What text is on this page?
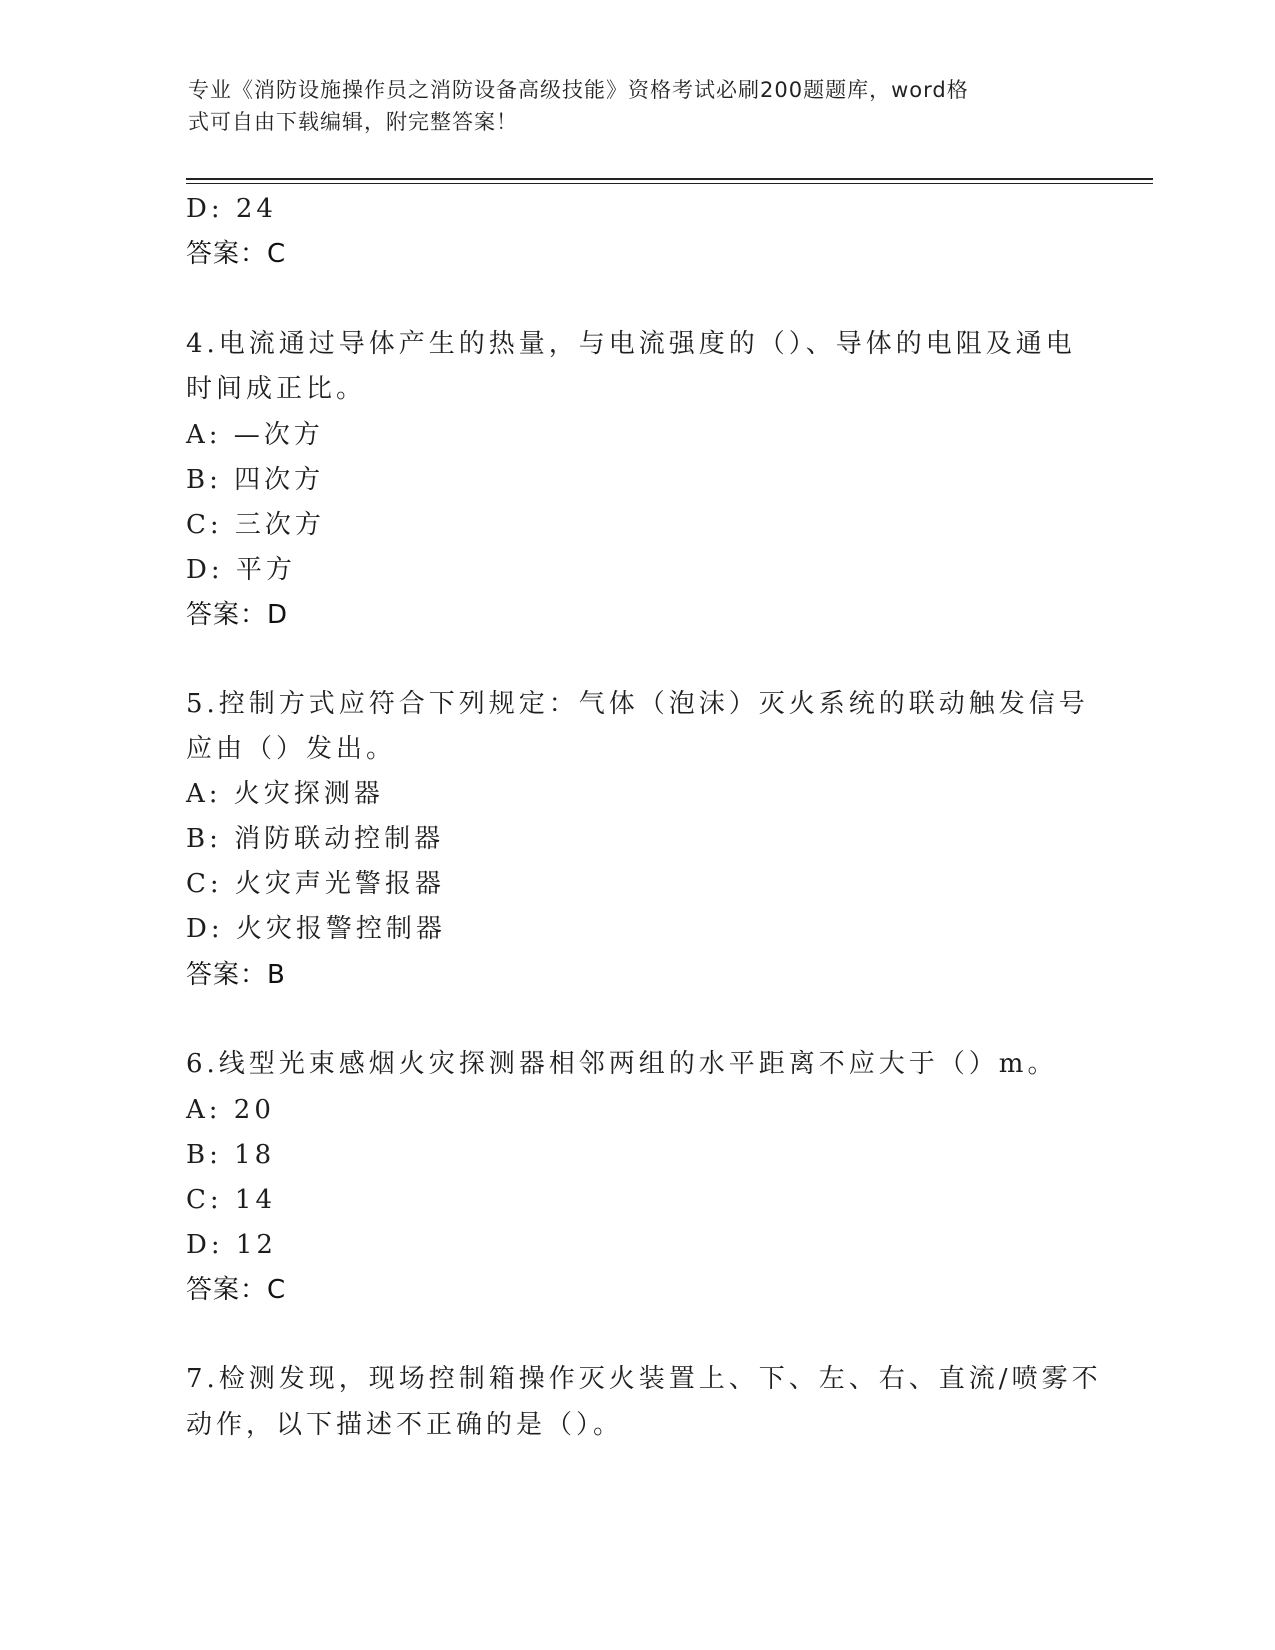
专业《消防设施操作员之消防设备高级技能》资格考试必刷200题题库，word格
式可自由下载编辑，附完整答案！
D: 24
答案：C
4.电流通过导体产生的热量，与电流强度的（）、导体的电阻及通电
时间成正比。
A: —次方
B: 四次方
C: 三次方
D: 平方
答案：D
5.控制方式应符合下列规定：气体（泡沫）灭火系统的联动触发信号
应由（）发出。
A: 火灾探测器
B: 消防联动控制器
C: 火灾声光警报器
D: 火灾报警控制器
答案：B
6.线型光束感烟火灾探测器相邻两组的水平距离不应大于（）m。
A: 20
B: 18
C: 14
D: 12
答案：C
7.检测发现，现场控制箱操作灭火装置上、下、左、右、直流/喷雾不
动作，以下描述不正确的是（）。
